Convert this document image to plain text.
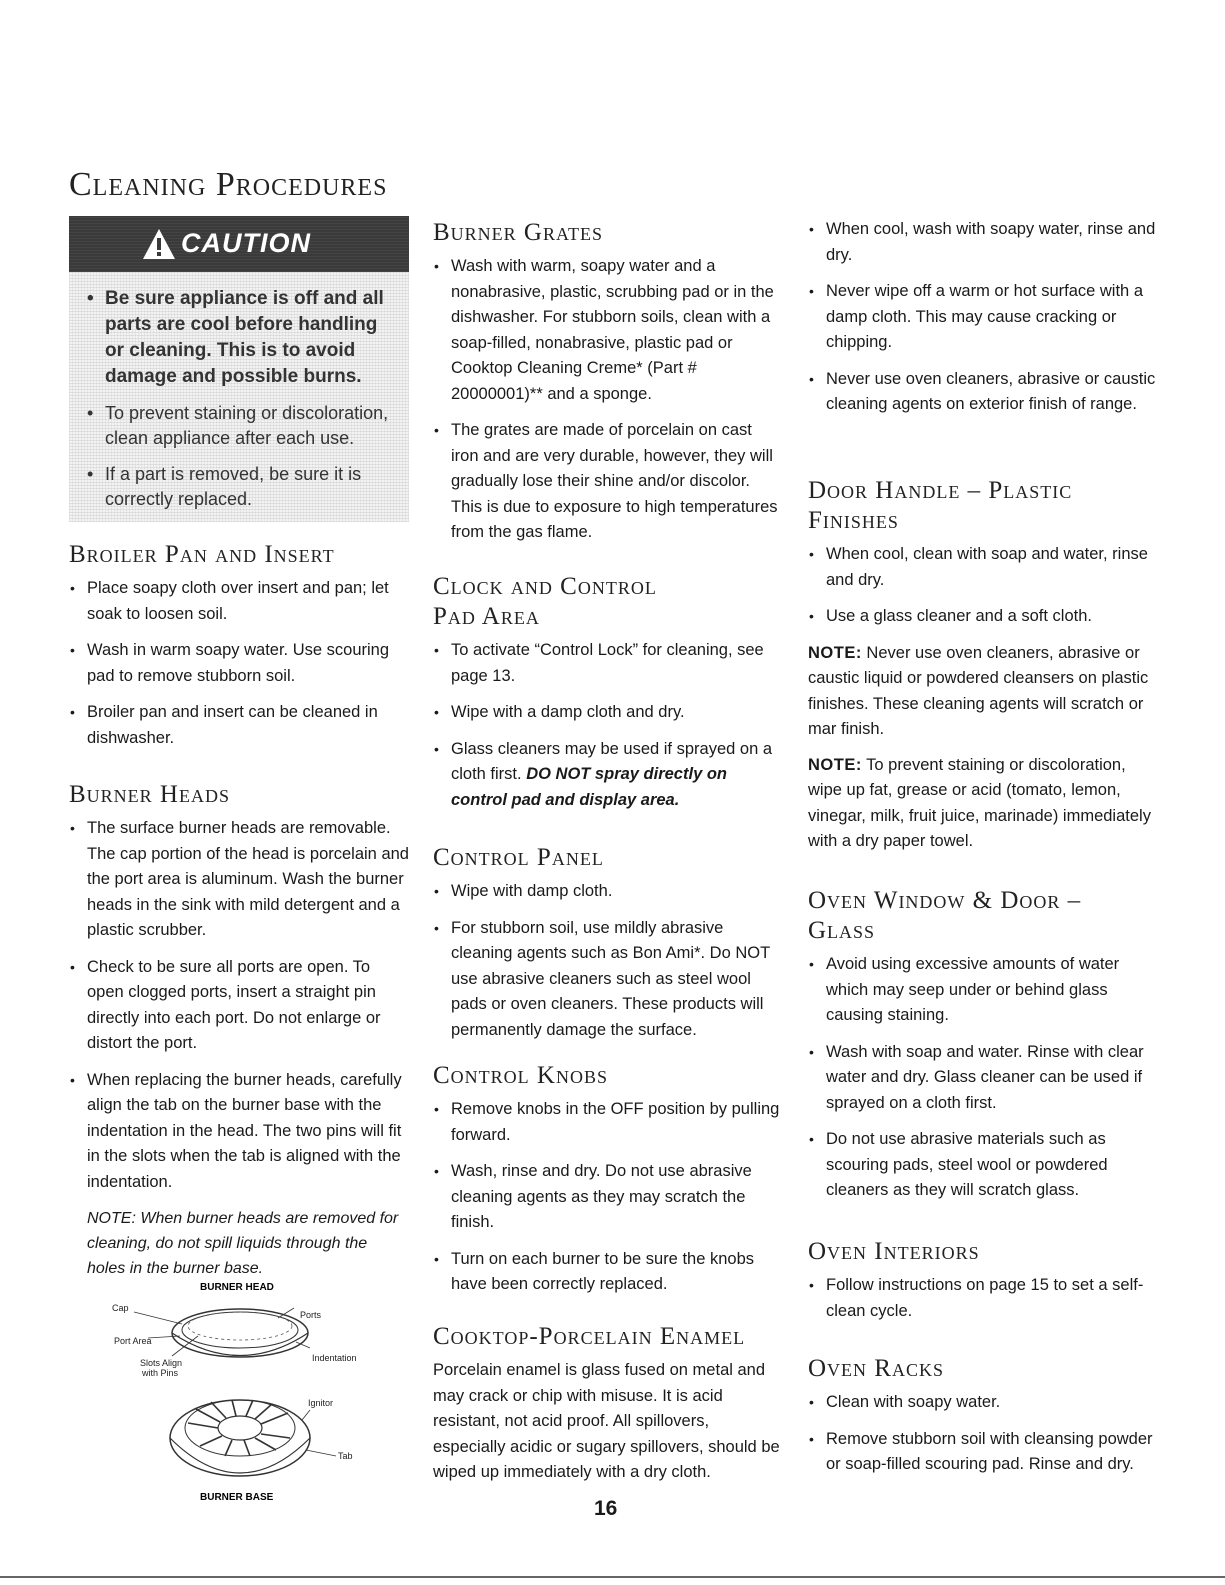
Cleaning Procedures
CAUTION
• Be sure appliance is off and all parts are cool before handling or cleaning. This is to avoid damage and possible burns.
• To prevent staining or discoloration, clean appliance after each use.
• If a part is removed, be sure it is correctly replaced.
Broiler Pan and Insert
• Place soapy cloth over insert and pan; let soak to loosen soil.
• Wash in warm soapy water. Use scouring pad to remove stubborn soil.
• Broiler pan and insert can be cleaned in dishwasher.
Burner Heads
• The surface burner heads are removable. The cap portion of the head is porcelain and the port area is aluminum. Wash the burner heads in the sink with mild detergent and a plastic scrubber.
• Check to be sure all ports are open. To open clogged ports, insert a straight pin directly into each port. Do not enlarge or distort the port.
• When replacing the burner heads, carefully align the tab on the burner base with the indentation in the head. The two pins will fit in the slots when the tab is aligned with the indentation.

NOTE: When burner heads are removed for cleaning, do not spill liquids through the holes in the burner base.

BURNER HEAD
Cap
Port Area
Slots Align
with Pins
Ports
Indentation
Ignitor
Tab
BURNER BASE
Burner Grates
• Wash with warm, soapy water and a nonabrasive, plastic, scrubbing pad or in the dishwasher. For stubborn soils, clean with a soap-filled, nonabrasive, plastic pad or Cooktop Cleaning Creme* (Part # 20000001)** and a sponge.
• The grates are made of porcelain on cast iron and are very durable, however, they will gradually lose their shine and/or discolor. This is due to exposure to high temperatures from the gas flame.
Clock and Control
Pad Area
• To activate “Control Lock” for cleaning, see page 13.
• Wipe with a damp cloth and dry.
• Glass cleaners may be used if sprayed on a cloth first. DO NOT spray directly on control pad and display area.
Control Panel
• Wipe with damp cloth.
• For stubborn soil, use mildly abrasive cleaning agents such as Bon Ami*. Do NOT use abrasive cleaners such as steel wool pads or oven cleaners. These products will permanently damage the surface.
Control Knobs
• Remove knobs in the OFF position by pulling forward.
• Wash, rinse and dry. Do not use abrasive cleaning agents as they may scratch the finish.
• Turn on each burner to be sure the knobs have been correctly replaced.
Cooktop-Porcelain Enamel

Porcelain enamel is glass fused on metal and may crack or chip with misuse. It is acid resistant, not acid proof. All spillovers, especially acidic or sugary spillovers, should be wiped up immediately with a dry cloth.

• When cool, wash with soapy water, rinse and dry.
• Never wipe off a warm or hot surface with a damp cloth. This may cause cracking or chipping.
• Never use oven cleaners, abrasive or caustic cleaning agents on exterior finish of range.
Door Handle – Plastic
Finishes
• When cool, clean with soap and water, rinse and dry.
• Use a glass cleaner and a soft cloth.

NOTE: Never use oven cleaners, abrasive or caustic liquid or powdered cleansers on plastic finishes. These cleaning agents will scratch or mar finish.

NOTE: To prevent staining or discoloration, wipe up fat, grease or acid (tomato, lemon, vinegar, milk, fruit juice, marinade) immediately with a dry paper towel.

Oven Window & Door –
Glass
• Avoid using excessive amounts of water which may seep under or behind glass causing staining.
• Wash with soap and water. Rinse with clear water and dry. Glass cleaner can be used if sprayed on a cloth first.
• Do not use abrasive materials such as scouring pads, steel wool or powdered cleaners as they will scratch glass.
Oven Interiors
• Follow instructions on page 15 to set a self-clean cycle.
Oven Racks
• Clean with soapy water.
• Remove stubborn soil with cleansing powder or soap-filled scouring pad. Rinse and dry.
16
